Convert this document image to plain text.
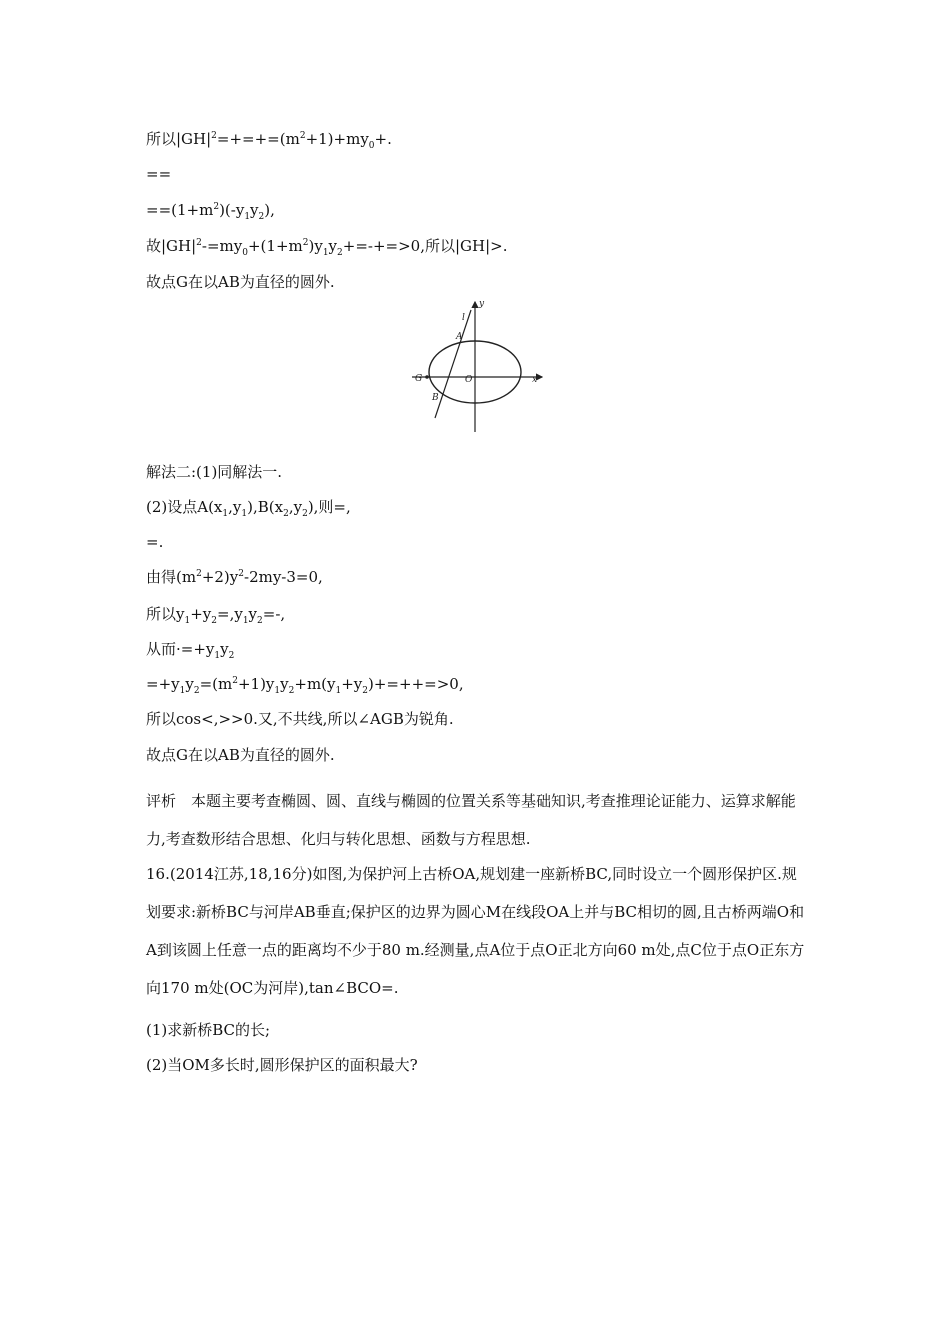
所以$|GH|^2=+=+=(m^2+1)+my_0+$.
==
$==(1+m^2)(-y_1y_2)$,
故$|GH|^2-=my_0+(1+m^2)y_1y_2+=-+=>0$,所以|GH|>.
故点G在以AB为直径的圆外.
y
x
l
A
B
G	O
解法二:(1)同解法一.
(2)设点$A(x_1,y_1),B(x_2,y_2)$,则=,
=.
由得$(m^2+2)y^2-2my-3=0$,
所以$y_1+y_2=,y_1y_2=-$,
从而$\cdot=+y_1y_2$
$=+y_1y_2=(m^2+1)y_1y_2+m(y_1+y_2)+=++=>0$,
所以cos<,>>0.又,不共线,所以∠AGB为锐角.
故点G在以AB为直径的圆外.
评析　本题主要考查椭圆、圆、直线与椭圆的位置关系等基础知识,考查推理论证能力、运算求解能力,考查数形结合思想、化归与转化思想、函数与方程思想.
16.(2014江苏,18,16分)如图,为保护河上古桥OA,规划建一座新桥BC,同时设立一个圆形保护区.规划要求:新桥BC与河岸AB垂直;保护区的边界为圆心M在线段OA上并与BC相切的圆,且古桥两端O和A到该圆上任意一点的距离均不少于80 m.经测量,点A位于点O正北方向60 m处,点C位于点O正东方向170 m处(OC为河岸),tan∠BCO=.
(1)求新桥BC的长;
(2)当OM多长时,圆形保护区的面积最大?
